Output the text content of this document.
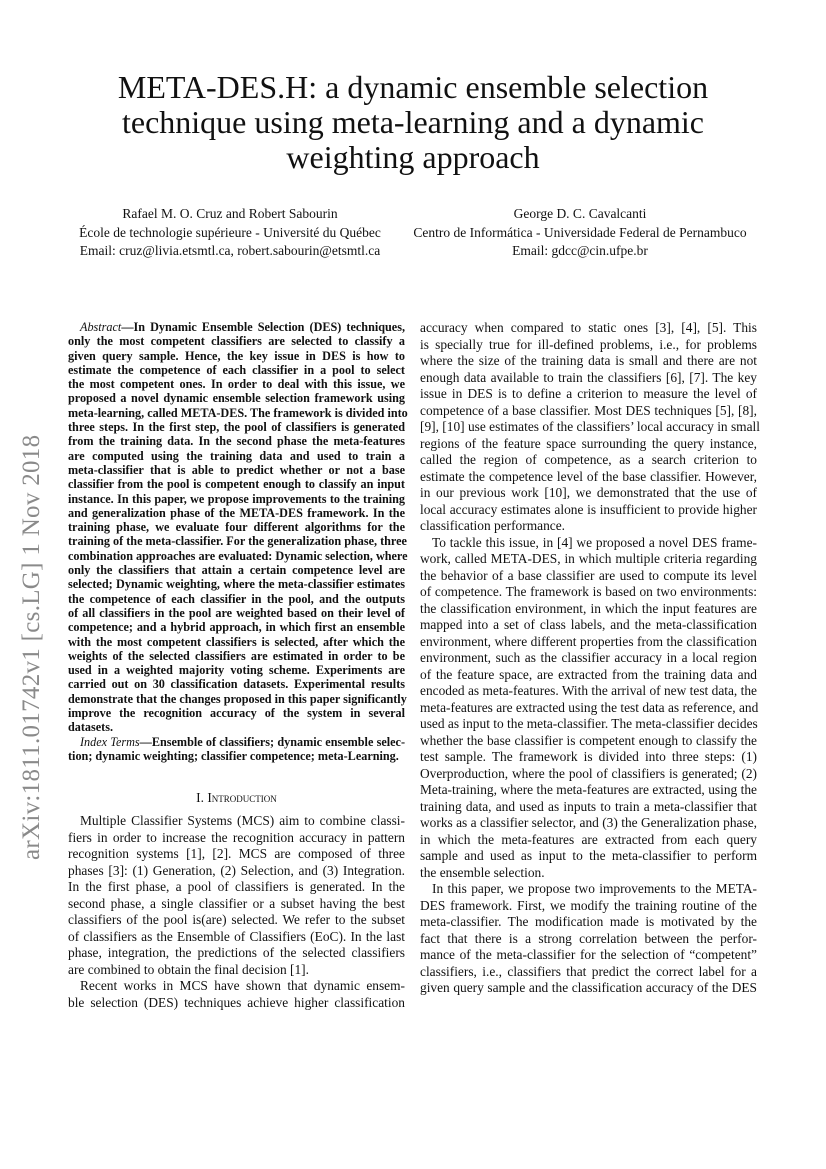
arXiv:1811.01742v1 [cs.LG] 1 Nov 2018
META-DES.H: a dynamic ensemble selection
technique using meta-learning and a dynamic
weighting approach
Rafael M. O. Cruz and Robert Sabourin
École de technologie supérieure - Université du Québec
Email: cruz@livia.etsmtl.ca, robert.sabourin@etsmtl.ca
George D. C. Cavalcanti
Centro de Informática - Universidade Federal de Pernambuco
Email: gdcc@cin.ufpe.br
Abstract—In Dynamic Ensemble Selection (DES) techniques,
only the most competent classifiers are selected to classify a
given query sample. Hence, the key issue in DES is how to
estimate the competence of each classifier in a pool to select
the most competent ones. In order to deal with this issue, we
proposed a novel dynamic ensemble selection framework using
meta-learning, called META-DES. The framework is divided into
three steps. In the first step, the pool of classifiers is generated
from the training data. In the second phase the meta-features
are computed using the training data and used to train a
meta-classifier that is able to predict whether or not a base
classifier from the pool is competent enough to classify an input
instance. In this paper, we propose improvements to the training
and generalization phase of the META-DES framework. In the
training phase, we evaluate four different algorithms for the
training of the meta-classifier. For the generalization phase, three
combination approaches are evaluated: Dynamic selection, where
only the classifiers that attain a certain competence level are
selected; Dynamic weighting, where the meta-classifier estimates
the competence of each classifier in the pool, and the outputs
of all classifiers in the pool are weighted based on their level of
competence; and a hybrid approach, in which first an ensemble
with the most competent classifiers is selected, after which the
weights of the selected classifiers are estimated in order to be
used in a weighted majority voting scheme. Experiments are
carried out on 30 classification datasets. Experimental results
demonstrate that the changes proposed in this paper significantly
improve the recognition accuracy of the system in several
datasets.
Index Terms—Ensemble of classifiers; dynamic ensemble selec-
tion; dynamic weighting; classifier competence; meta-Learning.
I. Introduction
Multiple Classifier Systems (MCS) aim to combine classi-
fiers in order to increase the recognition accuracy in pattern
recognition systems [1], [2]. MCS are composed of three
phases [3]: (1) Generation, (2) Selection, and (3) Integration.
In the first phase, a pool of classifiers is generated. In the
second phase, a single classifier or a subset having the best
classifiers of the pool is(are) selected. We refer to the subset
of classifiers as the Ensemble of Classifiers (EoC). In the last
phase, integration, the predictions of the selected classifiers
are combined to obtain the final decision [1].
Recent works in MCS have shown that dynamic ensem-
ble selection (DES) techniques achieve higher classification
accuracy when compared to static ones [3], [4], [5]. This
is specially true for ill-defined problems, i.e., for problems
where the size of the training data is small and there are not
enough data available to train the classifiers [6], [7]. The key
issue in DES is to define a criterion to measure the level of
competence of a base classifier. Most DES techniques [5], [8],
[9], [10] use estimates of the classifiers’ local accuracy in small
regions of the feature space surrounding the query instance,
called the region of competence, as a search criterion to
estimate the competence level of the base classifier. However,
in our previous work [10], we demonstrated that the use of
local accuracy estimates alone is insufficient to provide higher
classification performance.
To tackle this issue, in [4] we proposed a novel DES frame-
work, called META-DES, in which multiple criteria regarding
the behavior of a base classifier are used to compute its level
of competence. The framework is based on two environments:
the classification environment, in which the input features are
mapped into a set of class labels, and the meta-classification
environment, where different properties from the classification
environment, such as the classifier accuracy in a local region
of the feature space, are extracted from the training data and
encoded as meta-features. With the arrival of new test data, the
meta-features are extracted using the test data as reference, and
used as input to the meta-classifier. The meta-classifier decides
whether the base classifier is competent enough to classify the
test sample. The framework is divided into three steps: (1)
Overproduction, where the pool of classifiers is generated; (2)
Meta-training, where the meta-features are extracted, using the
training data, and used as inputs to train a meta-classifier that
works as a classifier selector, and (3) the Generalization phase,
in which the meta-features are extracted from each query
sample and used as input to the meta-classifier to perform
the ensemble selection.
In this paper, we propose two improvements to the META-
DES framework. First, we modify the training routine of the
meta-classifier. The modification made is motivated by the
fact that there is a strong correlation between the perfor-
mance of the meta-classifier for the selection of “competent”
classifiers, i.e., classifiers that predict the correct label for a
given query sample and the classification accuracy of the DES
